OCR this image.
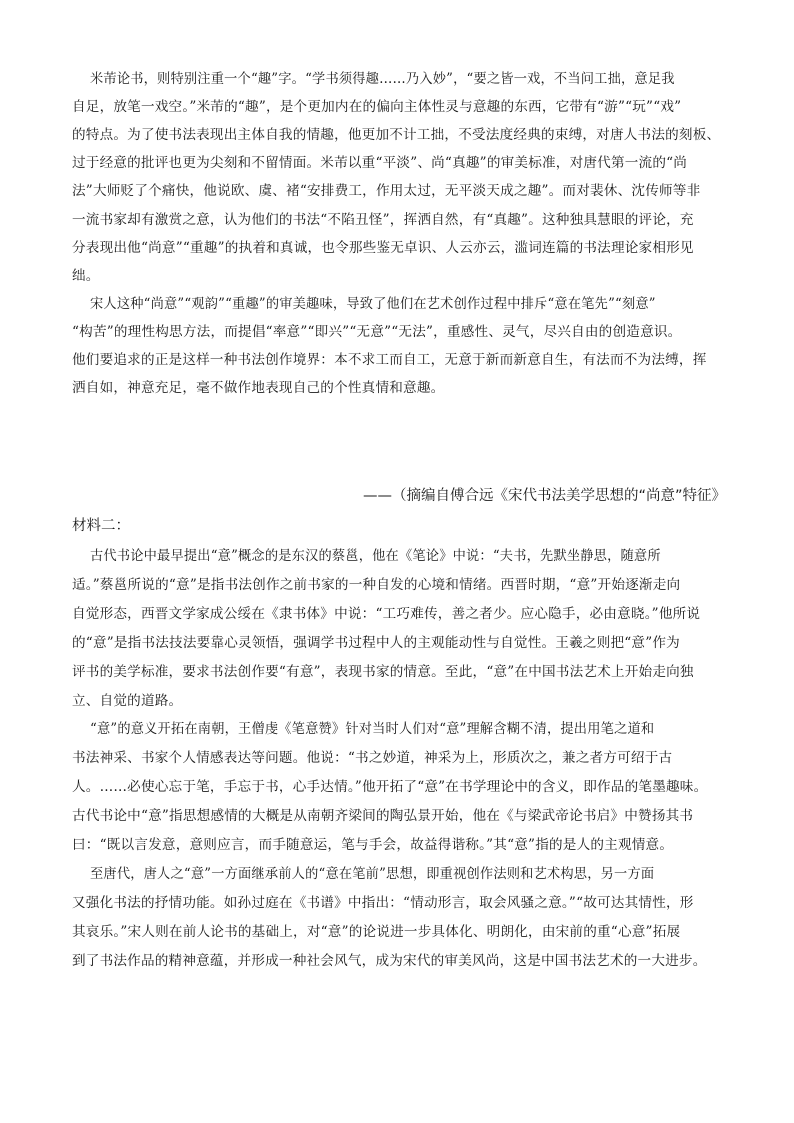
米芾论书，则特别注重一个“趣”字。“学书须得趣……乃入妙”，“要之皆一戏，不当问工拙，意足我
自足，放笔一戏空。”米芾的“趣”，是个更加内在的偏向主体性灵与意趣的东西，它带有“游”“玩”“戏”
的特点。为了使书法表现出主体自我的情趣，他更加不计工拙，不受法度经典的束缚，对唐人书法的刻板、
过于经意的批评也更为尖刻和不留情面。米芾以重“平淡”、尚“真趣”的审美标准，对唐代第一流的“尚
法”大师贬了个痛快，他说欧、虞、褚“安排费工，作用太过，无平淡天成之趣”。而对裴休、沈传师等非
一流书家却有激赏之意，认为他们的书法“不陷丑怪”，挥洒自然，有“真趣”。这种独具慧眼的评论，充
分表现出他“尚意”“重趣”的执着和真诚，也令那些鉴无卓识、人云亦云，滥词连篇的书法理论家相形见
绌。
宋人这种“尚意”“观韵”“重趣”的审美趣味，导致了他们在艺术创作过程中排斥“意在笔先”“刻意”
“构苦”的理性构思方法，而提倡“率意”“即兴”“无意”“无法”，重感性、灵气，尽兴自由的创造意识。
他们要追求的正是这样一种书法创作境界：本不求工而自工，无意于新而新意自生，有法而不为法缚，挥
洒自如，神意充足，毫不做作地表现自己的个性真情和意趣。
——（摘编自傅合远《宋代书法美学思想的“尚意”特征》
材料二：
古代书论中最早提出“意”概念的是东汉的蔡邕，他在《笔论》中说：“夫书，先默坐静思，随意所
适。”蔡邕所说的“意”是指书法创作之前书家的一种自发的心境和情绪。西晋时期，“意”开始逐渐走向
自觉形态，西晋文学家成公绥在《隶书体》中说：“工巧难传，善之者少。应心隐手，必由意晓。”他所说
的“意”是指书法技法要靠心灵领悟，强调学书过程中人的主观能动性与自觉性。王羲之则把“意”作为
评书的美学标准，要求书法创作要“有意”，表现书家的情意。至此，“意”在中国书法艺术上开始走向独
立、自觉的道路。
“意”的意义开拓在南朝，王僧虔《笔意赞》针对当时人们对“意”理解含糊不清，提出用笔之道和
书法神采、书家个人情感表达等问题。他说：“书之妙道，神采为上，形质次之，兼之者方可绍于古
人。……必使心忘于笔，手忘于书，心手达情。”他开拓了“意”在书学理论中的含义，即作品的笔墨趣味。
古代书论中“意”指思想感情的大概是从南朝齐梁间的陶弘景开始，他在《与梁武帝论书启》中赞扬其书
曰：“既以言发意，意则应言，而手随意运，笔与手会，故益得谐称。”其“意”指的是人的主观情意。
至唐代，唐人之“意”一方面继承前人的“意在笔前”思想，即重视创作法则和艺术构思，另一方面
又强化书法的抒情功能。如孙过庭在《书谱》中指出：“情动形言，取会风骚之意。”“故可达其情性，形
其哀乐。”宋人则在前人论书的基础上，对“意”的论说进一步具体化、明朗化，由宋前的重“心意”拓展
到了书法作品的精神意蕴，并形成一种社会风气，成为宋代的审美风尚，这是中国书法艺术的一大进步。
